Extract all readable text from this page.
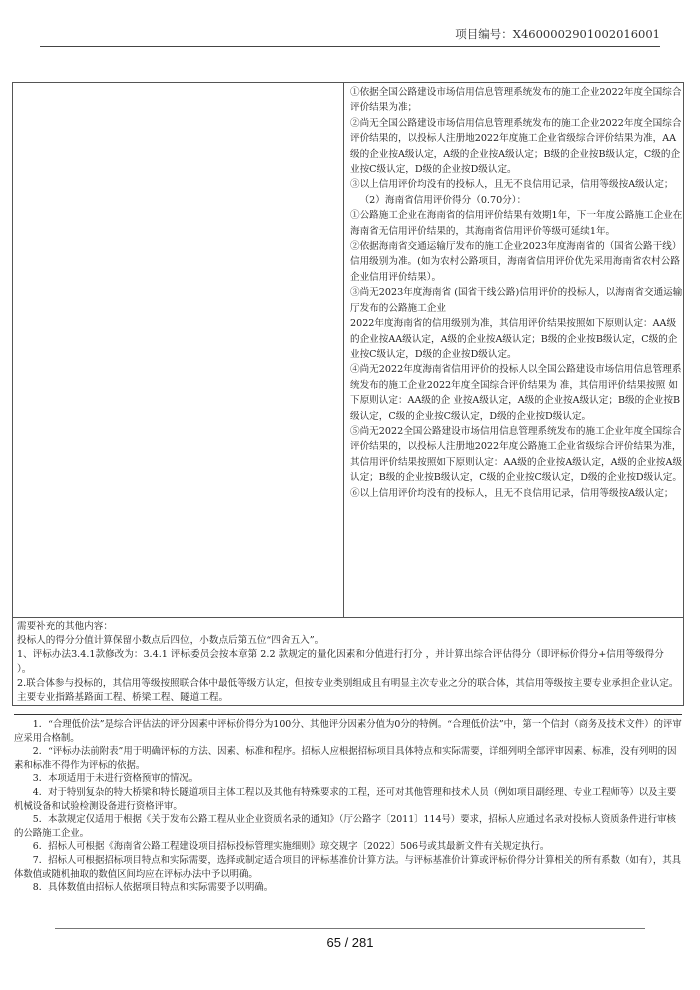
项目编号：X4600002901002016001

①依据全国公路建设市场信用信息管理系统发布的施工企业2022年度全国综合评价结果为准；

②尚无全国公路建设市场信用信息管理系统发布的施工企业2022年度全国综合评价结果的，以投标人注册地2022年度施工企业省级综合评价结果为准，AA级的企业按A级认定，A级的企业按A级认定；B级的企业按B级认定，C级的企业按C级认定，D级的企业按D级认定。

③以上信用评价均没有的投标人，且无不良信用记录，信用等级按A级认定；

（2）海南省信用评价得分（0.70分）：

①公路施工企业在海南省的信用评价结果有效期1年，下一年度公路施工企业在海南省无信用评价结果的，其海南省信用评价等级可延续1年。

②依据海南省交通运输厅发布的施工企业2023年度海南省的（国省公路干线）信用级别为准。(如为农村公路项目，海南省信用评价优先采用海南省农村公路企业信用评价结果）。

③尚无2023年度海南省 (国省干线公路)信用评价的投标人，以海南省交通运输厅发布的公路施工企业

2022年度海南省的信用级别为准，其信用评价结果按照如下原则认定：AA级的企业按AA级认定，A级的企业按A级认定；B级的企业按B级认定，C级的企业按C级认定，D级的企业按D级认定。

④尚无2022年度海南省信用评价的投标人以全国公路建设市场信用信息管理系统发布的施工企业2022年度全国综合评价结果为 准，其信用评价结果按照 如下原则认定：AA级的企 业按A级认定，A级的企业按A级认定；B级的企业按B级认定，C级的企业按C级认定，D级的企业按D级认定。

⑤尚无2022全国公路建设市场信用信息管理系统发布的施工企业年度全国综合评价结果的，以投标人注册地2022年度公路施工企业省级综合评价结果为准，其信用评价结果按照如下原则认定：AA级的企业按A级认定，A级的企业按A级认定；B级的企业按B级认定，C级的企业按C级认定，D级的企业按D级认定。

⑥以上信用评价均没有的投标人，且无不良信用记录，信用等级按A级认定；

需要补充的其他内容：

投标人的得分分值计算保留小数点后四位，小数点后第五位“四舍五入”。

1、评标办法3.4.1款修改为：3.4.1 评标委员会按本章第 2.2 款规定的量化因素和分值进行打分 ，并计算出综合评估得分（即评标价得分+信用等级得分 ）。

2.联合体参与投标的，其信用等级按照联合体中最低等级方认定，但按专业类别组成且有明显主次专业之分的联合体，其信用等级按主要专业承担企业认定。主要专业指路基路面工程、桥梁工程、隧道工程。

1．“合理低价法”是综合评估法的评分因素中评标价得分为100分、其他评分因素分值为0分的特例。“合理低价法”中，第一个信封（商务及技术文件）的评审应采用合格制。

2．“评标办法前附表”用于明确评标的方法、因素、标准和程序。招标人应根据招标项目具体特点和实际需要，详细列明全部评审因素、标准，没有列明的因素和标准不得作为评标的依据。

3．本项适用于未进行资格预审的情况。

4．对于特别复杂的特大桥梁和特长隧道项目主体工程以及其他有特殊要求的工程，还可对其他管理和技术人员（例如项目副经理、专业工程师等）以及主要机械设备和试验检测设备进行资格评审。

5．本款规定仅适用于根据《关于发布公路工程从业企业资质名录的通知》（厅公路字〔2011〕114号）要求，招标人应通过名录对投标人资质条件进行审核的公路施工企业。

6．招标人可根据《海南省公路工程建设项目招标投标管理实施细则》琼交规字〔2022〕506号或其最新文件有关规定执行。

7．招标人可根据招标项目特点和实际需要，选择或制定适合项目的评标基准价计算方法。与评标基准价计算或评标价得分计算相关的所有系数（如有），其具体数值或随机抽取的数值区间均应在评标办法中予以明确。

8．具体数值由招标人依据项目特点和实际需要予以明确。

65 / 281
